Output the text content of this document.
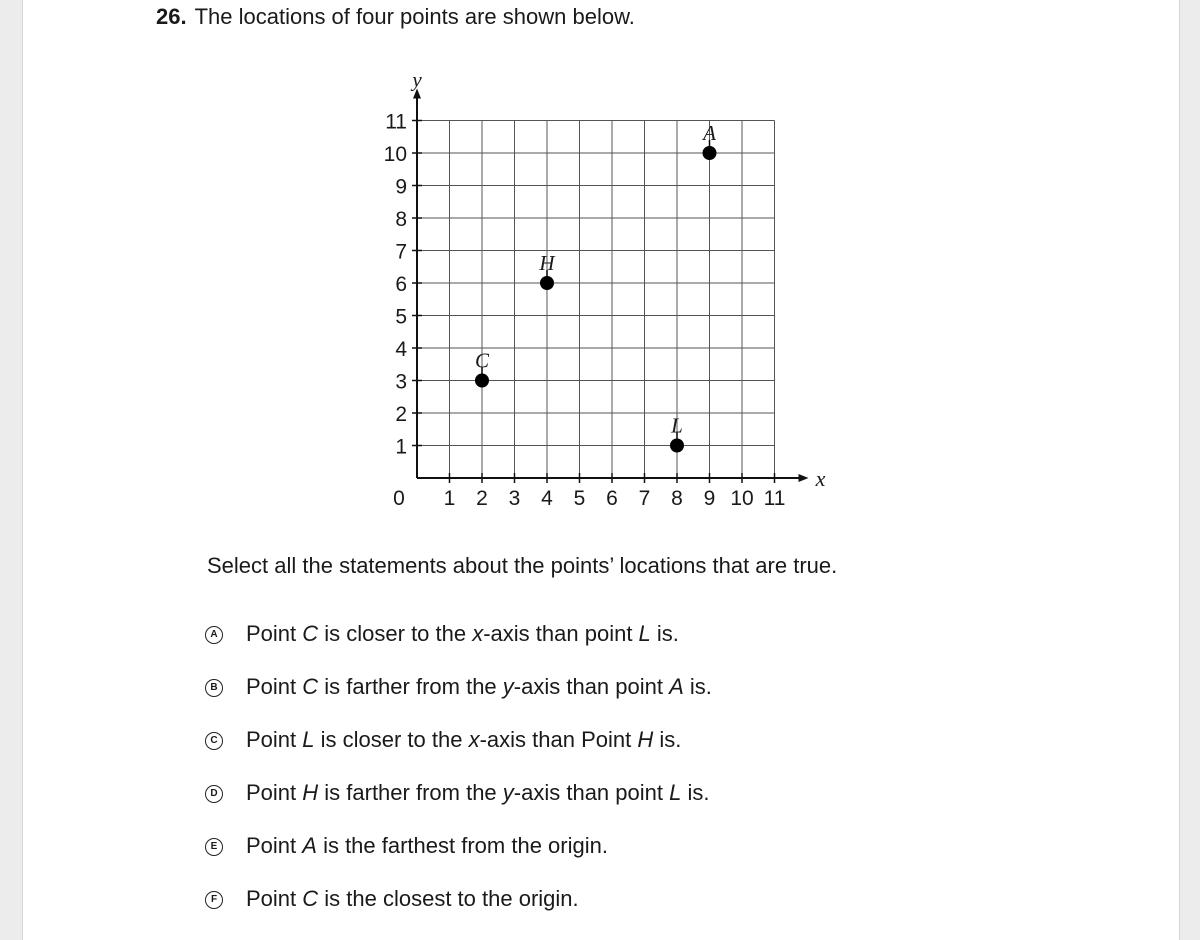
26. The locations of four points are shown below.
1 2 3 4 5 6 7 8 9 10 11
1
2
3
4
5
6
7
8
9
10
11
0
y
x
A
H
C
L
Select all the statements about the points’ locations that are true.
A Point C is closer to the x-axis than point L is.
B Point C is farther from the y-axis than point A is.
C Point L is closer to the x-axis than Point H is.
D Point H is farther from the y-axis than point L is.
E Point A is the farthest from the origin.
F Point C is the closest to the origin.
